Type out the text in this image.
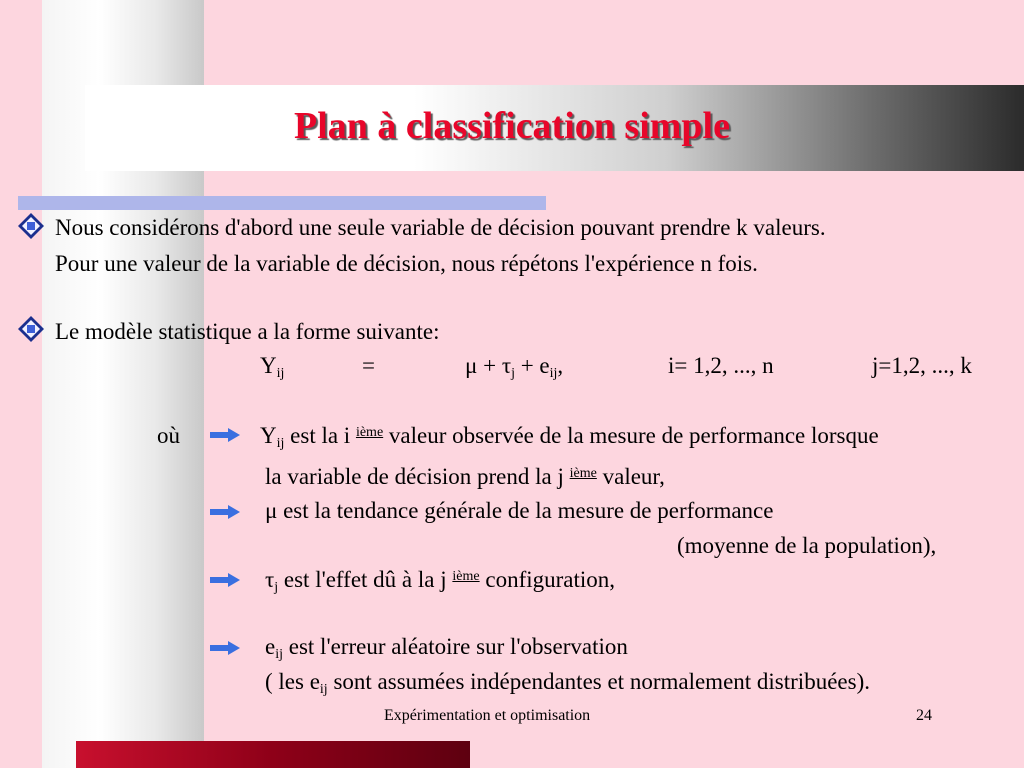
Plan à classification simple
Nous considérons d'abord une seule variable de décision pouvant prendre k valeurs.
Pour une valeur de la variable de décision, nous répétons l'expérience n fois.
Le modèle statistique a la forme suivante:
$Y_{ij}$	=	$\mu + \tau_j + e_{ij}$,	i= 1,2, ..., n	j=1,2, ..., k
où	$Y_{ij}$ est la i $^{ième}$ valeur observée de la mesure de performance lorsque
la variable de décision prend la j $^{ième}$ valeur,
μ est la tendance générale de la mesure de performance
(moyenne de la population),
$\tau_j$ est l'effet dû à la j $^{ième}$ configuration,
$e_{ij}$ est l'erreur aléatoire sur l'observation
( les $e_{ij}$ sont assumées indépendantes et normalement distribuées).
Expérimentation et optimisation	24
